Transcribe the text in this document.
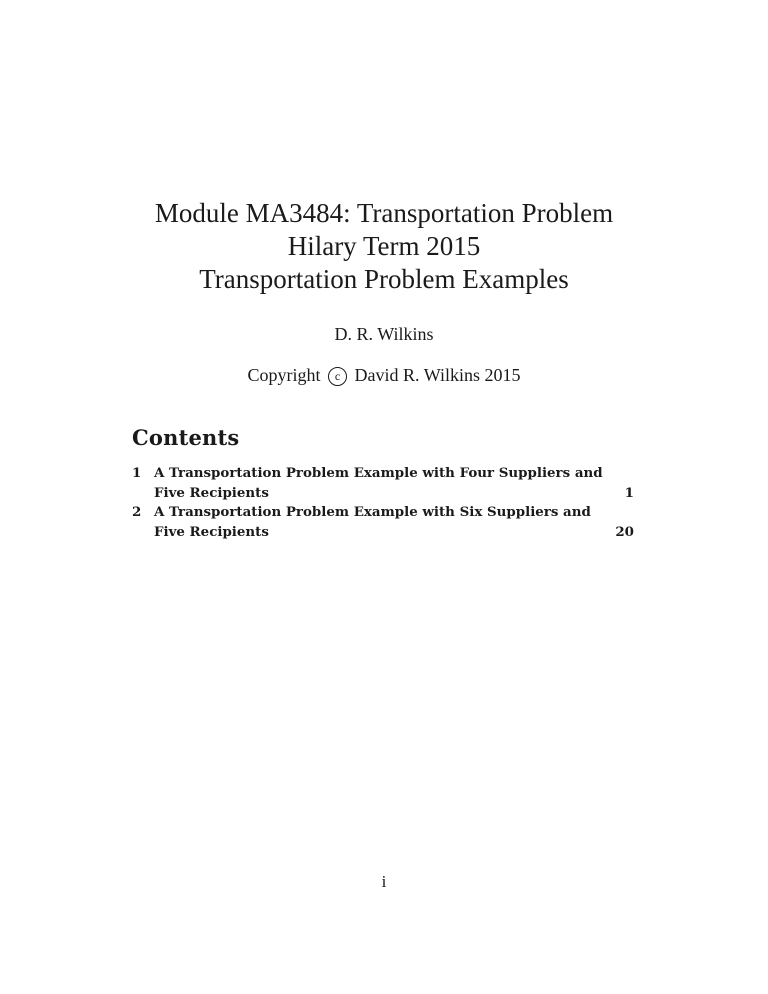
Module MA3484: Transportation Problem
Hilary Term 2015
Transportation Problem Examples
D. R. Wilkins
Copyright c David R. Wilkins 2015
Contents
1 A Transportation Problem Example with Four Suppliers and
Five Recipients	1
2 A Transportation Problem Example with Six Suppliers and
Five Recipients	20
i
